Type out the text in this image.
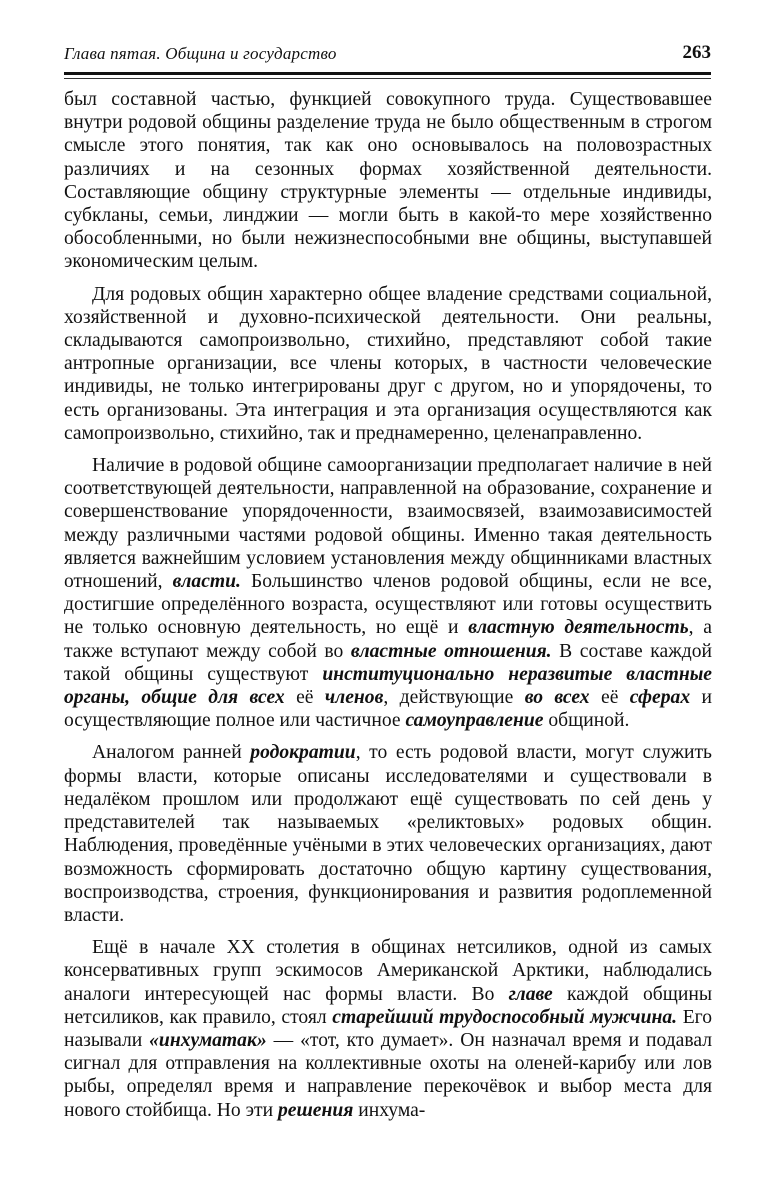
Глава пятая. Община и государство	263

был составной частью, функцией совокупного труда. Существовавшее внутри родовой общины разделение труда не было общественным в строгом смысле этого понятия, так как оно основывалось на половозрастных различиях и на сезонных формах хозяйственной деятельности. Составляющие общину структурные элементы — отдельные индивиды, субкланы, семьи, линджии — могли быть в какой-то мере хозяйственно обособленными, но были нежизнеспособными вне общины, выступавшей экономическим целым.

Для родовых общин характерно общее владение средствами социальной, хозяйственной и духовно-психической деятельности. Они реальны, складываются самопроизвольно, стихийно, представляют собой такие антропные организации, все члены которых, в частности человеческие индивиды, не только интегрированы друг с другом, но и упорядочены, то есть организованы. Эта интеграция и эта организация осуществляются как самопроизвольно, стихийно, так и преднамеренно, целенаправленно.

Наличие в родовой общине самоорганизации предполагает наличие в ней соответствующей деятельности, направленной на образование, сохранение и совершенствование упорядоченности, взаимосвязей, взаимозависимостей между различными частями родовой общины. Именно такая деятельность является важнейшим условием установления между общинниками властных отношений, власти. Большинство членов родовой общины, если не все, достигшие определённого возраста, осуществляют или готовы осуществить не только основную деятельность, но ещё и властную деятельность, а также вступают между собой во властные отношения. В составе каждой такой общины существуют институционально неразвитые властные органы, общие для всех её членов, действующие во всех её сферах и осуществляющие полное или частичное самоуправление общиной.

Аналогом ранней родократии, то есть родовой власти, могут служить формы власти, которые описаны исследователями и существовали в недалёком прошлом или продолжают ещё существовать по сей день у представителей так называемых «реликтовых» родовых общин. Наблюдения, проведённые учёными в этих человеческих организациях, дают возможность сформировать достаточно общую картину существования, воспроизводства, строения, функционирования и развития родоплеменной власти.

Ещё в начале XX столетия в общинах нетсиликов, одной из самых консервативных групп эскимосов Американской Арктики, наблюдались аналоги интересующей нас формы власти. Во главе каждой общины нетсиликов, как правило, стоял старейший трудоспособный мужчина. Его называли «инхуматак» — «тот, кто думает». Он назначал время и подавал сигнал для отправления на коллективные охоты на оленей-карибу или лов рыбы, определял время и направление перекочёвок и выбор места для нового стойбища. Но эти решения инхума-
